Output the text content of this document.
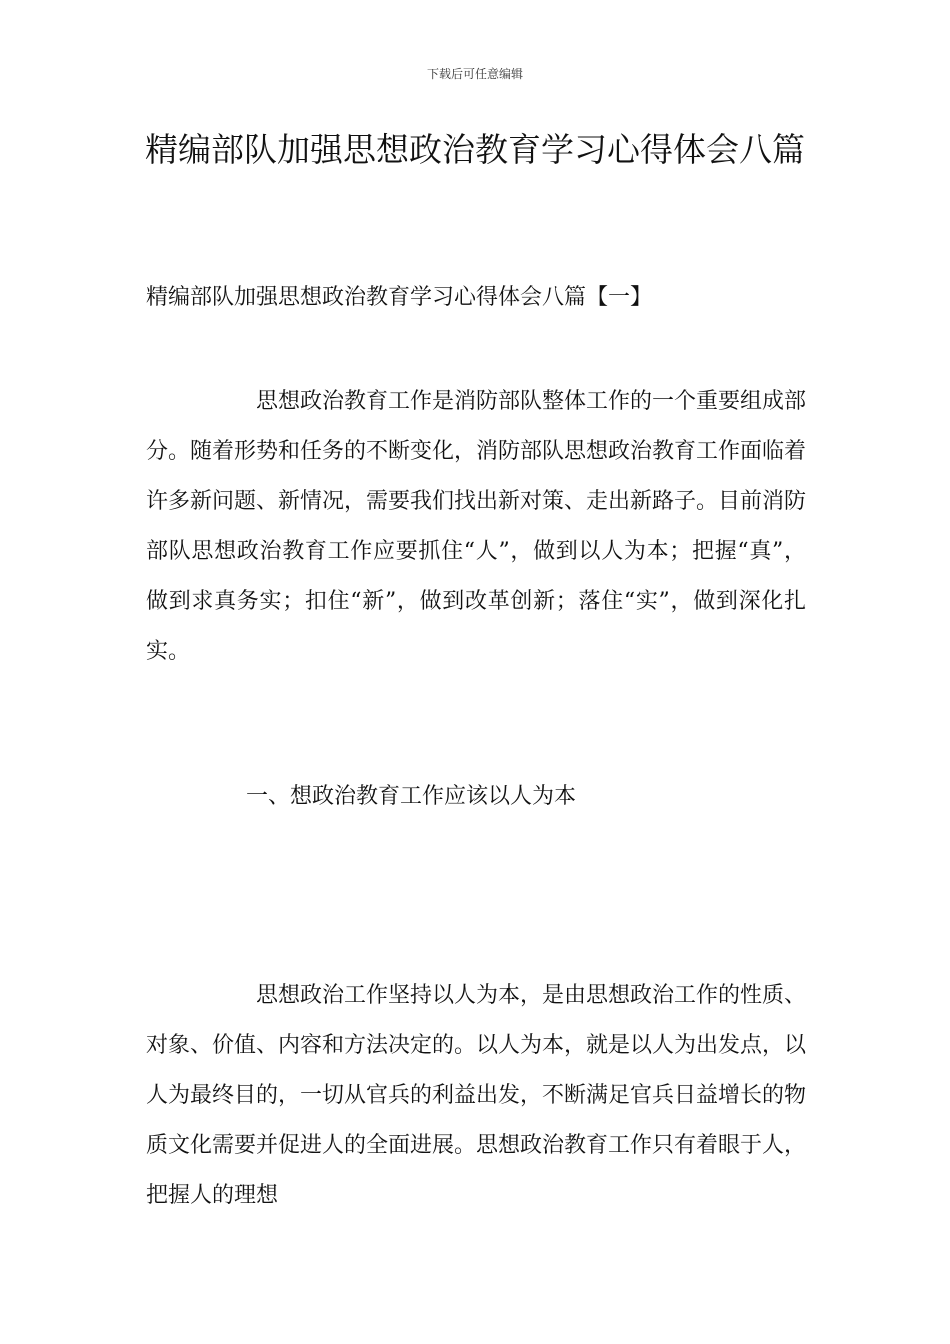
下载后可任意编辑
精编部队加强思想政治教育学习心得体会八篇

精编部队加强思想政治教育学习心得体会八篇【一】

思想政治教育工作是消防部队整体工作的一个重要组成部分。随着形势和任务的不断变化，消防部队思想政治教育工作面临着许多新问题、新情况，需要我们找出新对策、走出新路子。目前消防部队思想政治教育工作应要抓住“人”，做到以人为本；把握“真”，做到求真务实；扣住“新”，做到改革创新；落住“实”，做到深化扎实。

一、想政治教育工作应该以人为本

思想政治工作坚持以人为本，是由思想政治工作的性质、对象、价值、内容和方法决定的。以人为本，就是以人为出发点，以人为最终目的，一切从官兵的利益出发，不断满足官兵日益增长的物质文化需要并促进人的全面进展。思想政治教育工作只有着眼于人，把握人的理想
